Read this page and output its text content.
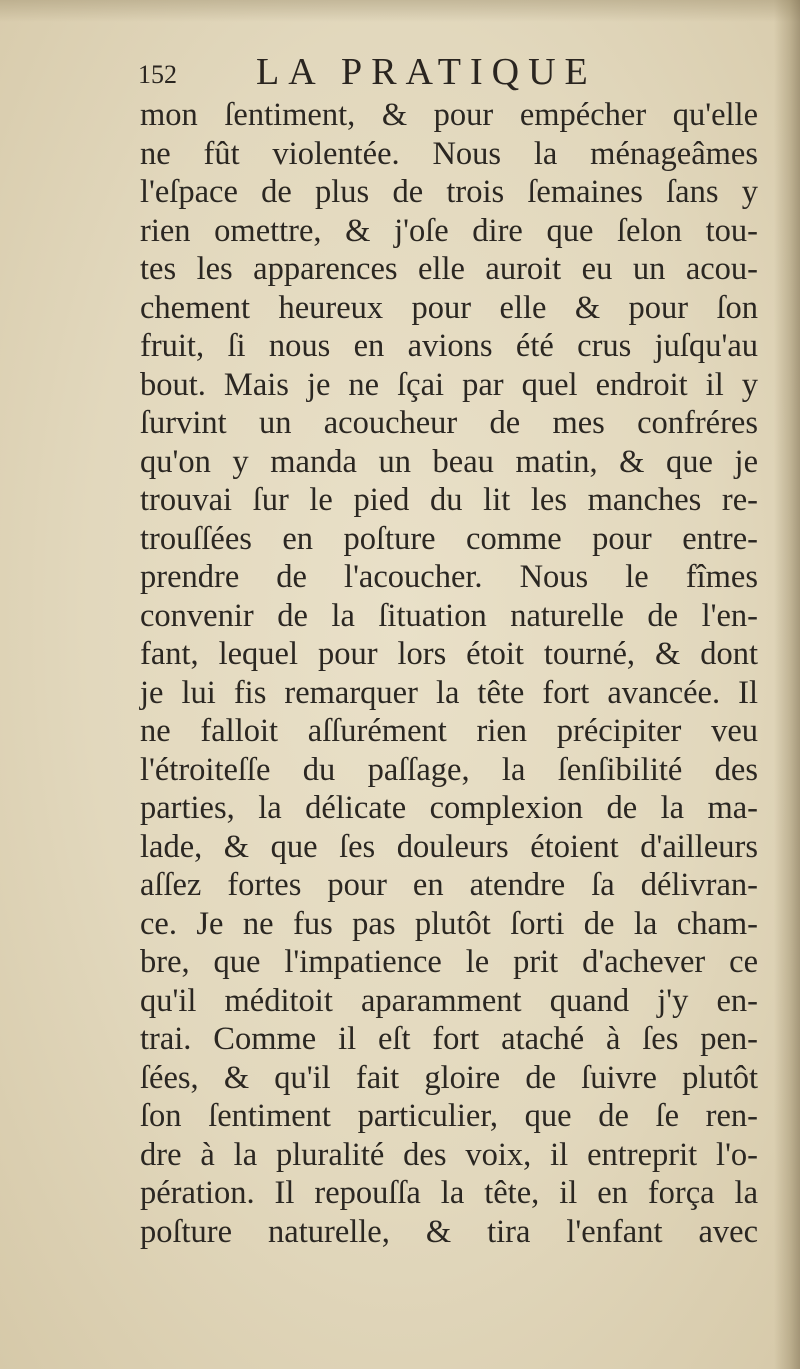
152 LA PRATIQUE
mon ſentiment, & pour empécher qu'elle
ne fût violentée. Nous la ménageâmes
l'eſpace de plus de trois ſemaines ſans y
rien omettre, & j'oſe dire que ſelon tou-
tes les apparences elle auroit eu un acou-
chement heureux pour elle & pour ſon
fruit, ſi nous en avions été crus juſqu'au
bout. Mais je ne ſçai par quel endroit il y
ſurvint un acoucheur de mes confréres
qu'on y manda un beau matin, & que je
trouvai ſur le pied du lit les manches re-
trouſſées en poſture comme pour entre-
prendre de l'acoucher. Nous le fîmes
convenir de la ſituation naturelle de l'en-
fant, lequel pour lors étoit tourné, & dont
je lui fis remarquer la tête fort avancée. Il
ne falloit aſſurément rien précipiter veu
l'étroiteſſe du paſſage, la ſenſibilité des
parties, la délicate complexion de la ma-
lade, & que ſes douleurs étoient d'ailleurs
aſſez fortes pour en atendre ſa délivran-
ce. Je ne fus pas plutôt ſorti de la cham-
bre, que l'impatience le prit d'achever ce
qu'il méditoit aparamment quand j'y en-
trai. Comme il eſt fort ataché à ſes pen-
ſées, & qu'il fait gloire de ſuivre plutôt
ſon ſentiment particulier, que de ſe ren-
dre à la pluralité des voix, il entreprit l'o-
pération. Il repouſſa la tête, il en força la
poſture naturelle, & tira l'enfant avec
